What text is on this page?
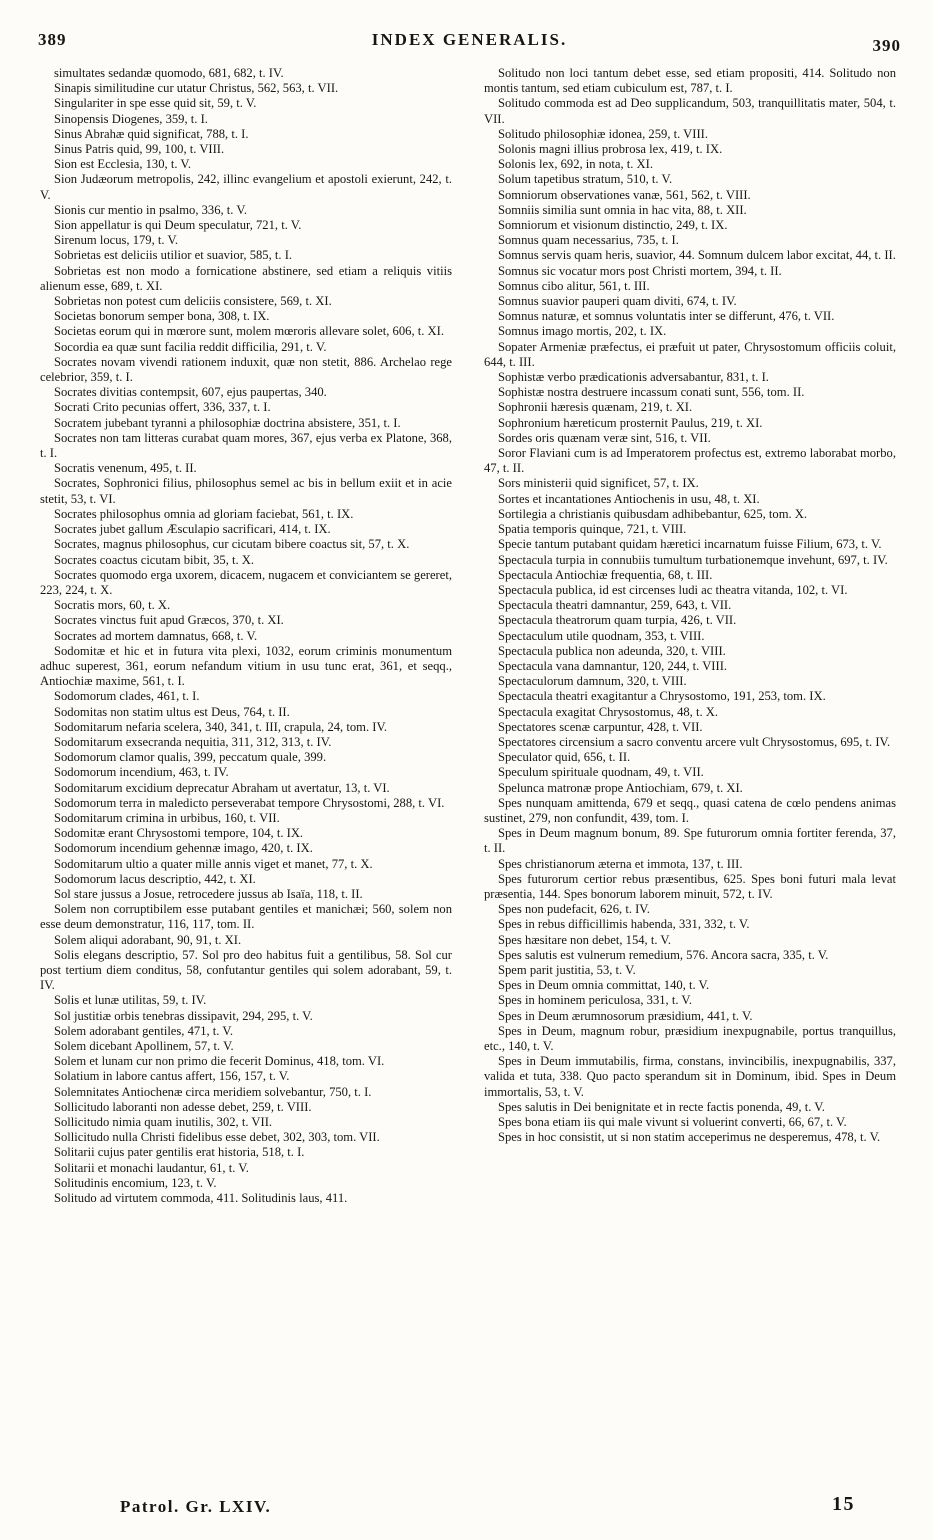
389	INDEX GENERALIS.	390

simultates sedandæ quomodo, 681, 682, t. IV.

Sinapis similitudine cur utatur Christus, 562, 563, t. VII.

Singulariter in spe esse quid sit, 59, t. V.

Sinopensis Diogenes, 359, t. I.

Sinus Abrahæ quid significat, 788, t. I.

Sinus Patris quid, 99, 100, t. VIII.

Sion est Ecclesia, 130, t. V.

Sion Judæorum metropolis, 242, illinc evangelium et apostoli exierunt, 242, t. V.

Sionis cur mentio in psalmo, 336, t. V.

Sion appellatur is qui Deum speculatur, 721, t. V.

Sirenum locus, 179, t. V.

Sobrietas est deliciis utilior et suavior, 585, t. I.

Sobrietas est non modo a fornicatione abstinere, sed etiam a reliquis vitiis alienum esse, 689, t. XI.

Sobrietas non potest cum deliciis consistere, 569, t. XI.

Societas bonorum semper bona, 308, t. IX.

Societas eorum qui in mœrore sunt, molem mœroris allevare solet, 606, t. XI.

Socordia ea quæ sunt facilia reddit difficilia, 291, t. V.

Socrates novam vivendi rationem induxit, quæ non stetit, 886. Archelao rege celebrior, 359, t. I.

Socrates divitias contempsit, 607, ejus paupertas, 340.

Socrati Crito pecunias offert, 336, 337, t. I.

Socratem jubebant tyranni a philosophiæ doctrina absistere, 351, t. I.

Socrates non tam litteras curabat quam mores, 367, ejus verba ex Platone, 368, t. I.

Socratis venenum, 495, t. II.

Socrates, Sophronici filius, philosophus semel ac bis in bellum exiit et in acie stetit, 53, t. VI.

Socrates philosophus omnia ad gloriam faciebat, 561, t. IX.

Socrates jubet gallum Æsculapio sacrificari, 414, t. IX.

Socrates, magnus philosophus, cur cicutam bibere coactus sit, 57, t. X.

Socrates coactus cicutam bibit, 35, t. X.

Socrates quomodo erga uxorem, dicacem, nugacem et conviciantem se gereret, 223, 224, t. X.

Socratis mors, 60, t. X.

Socrates vinctus fuit apud Græcos, 370, t. XI.

Socrates ad mortem damnatus, 668, t. V.

Sodomitæ et hic et in futura vita plexi, 1032, eorum criminis monumentum adhuc superest, 361, eorum nefandum vitium in usu tunc erat, 361, et seqq., Antiochiæ maxime, 561, t. I.

Sodomorum clades, 461, t. I.

Sodomitas non statim ultus est Deus, 764, t. II.

Sodomitarum nefaria scelera, 340, 341, t. III, crapula, 24, tom. IV.

Sodomitarum exsecranda nequitia, 311, 312, 313, t. IV.

Sodomorum clamor qualis, 399, peccatum quale, 399.

Sodomorum incendium, 463, t. IV.

Sodomitarum excidium deprecatur Abraham ut avertatur, 13, t. VI.

Sodomorum terra in maledicto perseverabat tempore Chrysostomi, 288, t. VI.

Sodomitarum crimina in urbibus, 160, t. VII.

Sodomitæ erant Chrysostomi tempore, 104, t. IX.

Sodomorum incendium gehennæ imago, 420, t. IX.

Sodomitarum ultio a quater mille annis viget et manet, 77, t. X.

Sodomorum lacus descriptio, 442, t. XI.

Sol stare jussus a Josue, retrocedere jussus ab Isaïa, 118, t. II.

Solem non corruptibilem esse putabant gentiles et manichæi; 560, solem non esse deum demonstratur, 116, 117, tom. II.

Solem aliqui adorabant, 90, 91, t. XI.

Solis elegans descriptio, 57. Sol pro deo habitus fuit a gentilibus, 58. Sol cur post tertium diem conditus, 58, confutantur gentiles qui solem adorabant, 59, t. IV.

Solis et lunæ utilitas, 59, t. IV.

Sol justitiæ orbis tenebras dissipavit, 294, 295, t. V.

Solem adorabant gentiles, 471, t. V.

Solem dicebant Apollinem, 57, t. V.

Solem et lunam cur non primo die fecerit Dominus, 418, tom. VI.

Solatium in labore cantus affert, 156, 157, t. V.

Solemnitates Antiochenæ circa meridiem solvebantur, 750, t. I.

Sollicitudo laboranti non adesse debet, 259, t. VIII.

Sollicitudo nimia quam inutilis, 302, t. VII.

Sollicitudo nulla Christi fidelibus esse debet, 302, 303, tom. VII.

Solitarii cujus pater gentilis erat historia, 518, t. I.

Solitarii et monachi laudantur, 61, t. V.

Solitudinis encomium, 123, t. V.

Solitudo ad virtutem commoda, 411. Solitudinis laus, 411.

Solitudo non loci tantum debet esse, sed etiam propositi, 414. Solitudo non montis tantum, sed etiam cubiculum est, 787, t. I.

Solitudo commoda est ad Deo supplicandum, 503, tranquillitatis mater, 504, t. VII.

Solitudo philosophiæ idonea, 259, t. VIII.

Solonis magni illius probrosa lex, 419, t. IX.

Solonis lex, 692, in nota, t. XI.

Solum tapetibus stratum, 510, t. V.

Somniorum observationes vanæ, 561, 562, t. VIII.

Somniis similia sunt omnia in hac vita, 88, t. XII.

Somniorum et visionum distinctio, 249, t. IX.

Somnus quam necessarius, 735, t. I.

Somnus servis quam heris, suavior, 44. Somnum dulcem labor excitat, 44, t. II.

Somnus sic vocatur mors post Christi mortem, 394, t. II.

Somnus cibo alitur, 561, t. III.

Somnus suavior pauperi quam diviti, 674, t. IV.

Somnus naturæ, et somnus voluntatis inter se differunt, 476, t. VII.

Somnus imago mortis, 202, t. IX.

Sopater Armeniæ præfectus, ei præfuit ut pater, Chrysostomum officiis coluit, 644, t. III.

Sophistæ verbo prædicationis adversabantur, 831, t. I.

Sophistæ nostra destruere incassum conati sunt, 556, tom. II.

Sophronii hæresis quænam, 219, t. XI.

Sophronium hæreticum prosternit Paulus, 219, t. XI.

Sordes oris quænam veræ sint, 516, t. VII.

Soror Flaviani cum is ad Imperatorem profectus est, extremo laborabat morbo, 47, t. II.

Sors ministerii quid significet, 57, t. IX.

Sortes et incantationes Antiochenis in usu, 48, t. XI.

Sortilegia a christianis quibusdam adhibebantur, 625, tom. X.

Spatia temporis quinque, 721, t. VIII.

Specie tantum putabant quidam hæretici incarnatum fuisse Filium, 673, t. V.

Spectacula turpia in connubiis tumultum turbationemque invehunt, 697, t. IV.

Spectacula Antiochiæ frequentia, 68, t. III.

Spectacula publica, id est circenses ludi ac theatra vitanda, 102, t. VI.

Spectacula theatri damnantur, 259, 643, t. VII.

Spectacula theatrorum quam turpia, 426, t. VII.

Spectaculum utile quodnam, 353, t. VIII.

Spectacula publica non adeunda, 320, t. VIII.

Spectacula vana damnantur, 120, 244, t. VIII.

Spectaculorum damnum, 320, t. VIII.

Spectacula theatri exagitantur a Chrysostomo, 191, 253, tom. IX.

Spectacula exagitat Chrysostomus, 48, t. X.

Spectatores scenæ carpuntur, 428, t. VII.

Spectatores circensium a sacro conventu arcere vult Chrysostomus, 695, t. IV.

Speculator quid, 656, t. II.

Speculum spirituale quodnam, 49, t. VII.

Spelunca matronæ prope Antiochiam, 679, t. XI.

Spes nunquam amittenda, 679 et seqq., quasi catena de cœlo pendens animas sustinet, 279, non confundit, 439, tom. I.

Spes in Deum magnum bonum, 89. Spe futurorum omnia fortiter ferenda, 37, t. II.

Spes christianorum æterna et immota, 137, t. III.

Spes futurorum certior rebus præsentibus, 625. Spes boni futuri mala levat præsentia, 144. Spes bonorum laborem minuit, 572, t. IV.

Spes non pudefacit, 626, t. IV.

Spes in rebus difficillimis habenda, 331, 332, t. V.

Spes hæsitare non debet, 154, t. V.

Spes salutis est vulnerum remedium, 576. Ancora sacra, 335, t. V.

Spem parit justitia, 53, t. V.

Spes in Deum omnia committat, 140, t. V.

Spes in hominem periculosa, 331, t. V.

Spes in Deum ærumnosorum præsidium, 441, t. V.

Spes in Deum, magnum robur, præsidium inexpugnabile, portus tranquillus, etc., 140, t. V.

Spes in Deum immutabilis, firma, constans, invincibilis, inexpugnabilis, 337, valida et tuta, 338. Quo pacto sperandum sit in Dominum, ibid. Spes in Deum immortalis, 53, t. V.

Spes salutis in Dei benignitate et in recte factis ponenda, 49, t. V.

Spes bona etiam iis qui male vivunt si voluerint converti, 66, 67, t. V.

Spes in hoc consistit, ut si non statim acceperimus ne desperemus, 478, t. V.

Patrol. Gr. LXIV.	15
